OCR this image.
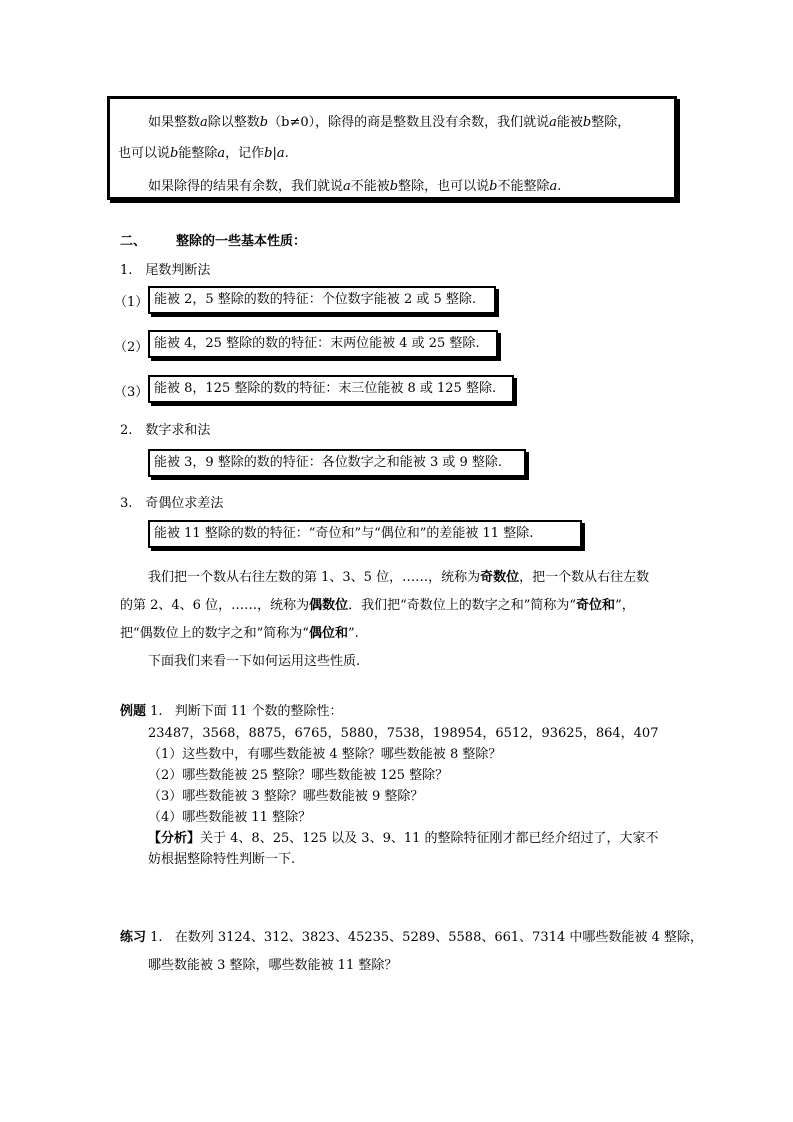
如果整数a除以整数b（b≠0），除得的商是整数且没有余数，我们就说a能被b整除，
也可以说b能整除a，记作b|a.
如果除得的结果有余数，我们就说a不能被b整除，也可以说b不能整除a.
二、 整除的一些基本性质：
1.　尾数判断法
（1） 能被 2，5 整除的数的特征：个位数字能被 2 或 5 整除.
（2） 能被 4，25 整除的数的特征：末两位能被 4 或 25 整除.
（3） 能被 8，125 整除的数的特征：末三位能被 8 或 125 整除.
2.　数字求和法
能被 3，9 整除的数的特征：各位数字之和能被 3 或 9 整除.
3.　奇偶位求差法
能被 11 整除的数的特征：“奇位和”与“偶位和”的差能被 11 整除.
我们把一个数从右往左数的第 1、3、5 位，……，统称为奇数位，把一个数从右往左数
的第 2、4、6 位，……，统称为偶数位．我们把“奇数位上的数字之和”简称为“奇位和”，
把“偶数位上的数字之和”简称为“偶位和”.
下面我们来看一下如何运用这些性质.
例题 1. 判断下面 11 个数的整除性：
23487，3568，8875，6765，5880，7538，198954，6512，93625，864，407
（1）这些数中，有哪些数能被 4 整除？哪些数能被 8 整除？
（2）哪些数能被 25 整除？哪些数能被 125 整除？
（3）哪些数能被 3 整除？哪些数能被 9 整除？
（4）哪些数能被 11 整除？
【分析】关于 4、8、25、125 以及 3、9、11 的整除特征刚才都已经介绍过了，大家不
妨根据整除特性判断一下.
练习 1. 在数列 3124、312、3823、45235、5289、5588、661、7314 中哪些数能被 4 整除，
哪些数能被 3 整除，哪些数能被 11 整除？
